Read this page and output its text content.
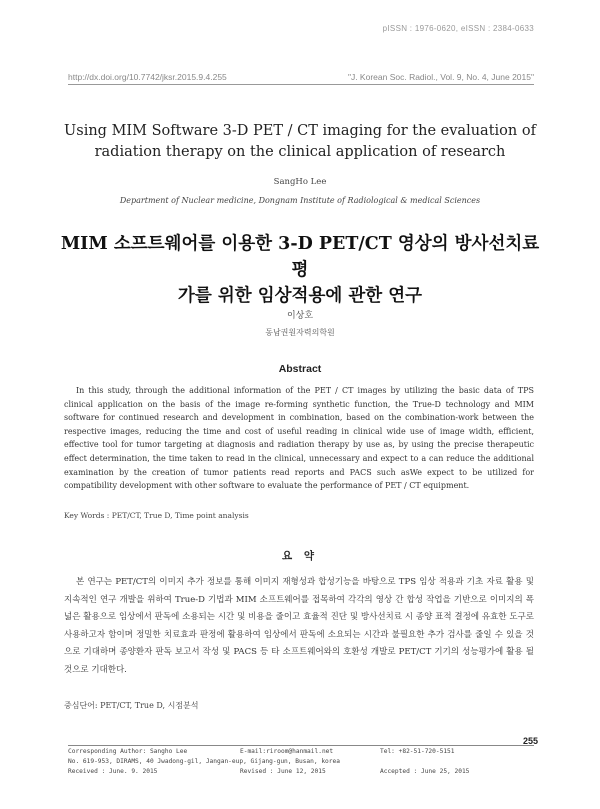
pISSN : 1976-0620, eISSN : 2384-0633
http://dx.doi.org/10.7742/jksr.2015.9.4.255	"J. Korean Soc. Radiol., Vol. 9, No. 4, June 2015"
Using MIM Software 3-D PET / CT imaging for the evaluation of
radiation therapy on the clinical application of research
SangHo Lee
Department of Nuclear medicine, Dongnam Institute of Radiological & medical Sciences
MIM 소프트웨어를 이용한 3-D PET/CT 영상의 방사선치료 평
가를 위한 임상적용에 관한 연구
이상호
동남권원자력의학원
Abstract
In this study, through the additional information of the PET / CT images by utilizing the basic data of TPS clinical application on the basis of the image re-forming synthetic function, the True-D technology and MIM software for continued research and development in combination, based on the combination-work between the respective images, reducing the time and cost of useful reading in clinical wide use of image width, efficient, effective tool for tumor targeting at diagnosis and radiation therapy by use as, by using the precise therapeutic effect determination, the time taken to read in the clinical, unnecessary and expect to a can reduce the additional examination by the creation of tumor patients read reports and PACS such asWe expect to be utilized for compatibility development with other software to evaluate the performance of PET / CT equipment.
Key Words : PET/CT, True D, Time point analysis
요 약
본 연구는 PET/CT의 이미지 추가 정보를 통해 이미지 재형성과 합성기능을 바탕으로 TPS 임상 적용과 기초 자료 활용 및 지속적인 연구 개발을 위하여 True-D 기법과 MIM 소프트웨어를 접목하여 각각의 영상 간 합성 작업을 기반으로 이미지의 폭 넓은 활용으로 임상에서 판독에 소용되는 시간 및 비용을 줄이고 효율적 진단 및 방사선치료 시 종양 표적 결정에 유효한 도구로 사용하고자 함이며 정밀한 치료효과 판정에 활용하여 임상에서 판독에 소요되는 시간과 불필요한 추가 검사를 줄일 수 있을 것으로 기대하며 종양환자 판독 보고서 작성 및 PACS 등 타 소프트웨어와의 호환성 개발로 PET/CT 기기의 성능평가에 활용 될 것으로 기대한다.
중심단어: PET/CT, True D, 시점분석
255
Corresponding Author: Sangho Lee	E-mail:riroom@hanmail.net	Tel: +82-51-720-5151
No. 619-953, DIRAMS, 40 Jwadong-gil, Jangan-eup, Gijang-gun, Busan, korea
Received : June. 9. 2015	Revised : June 12, 2015	Accepted : June 25, 2015
